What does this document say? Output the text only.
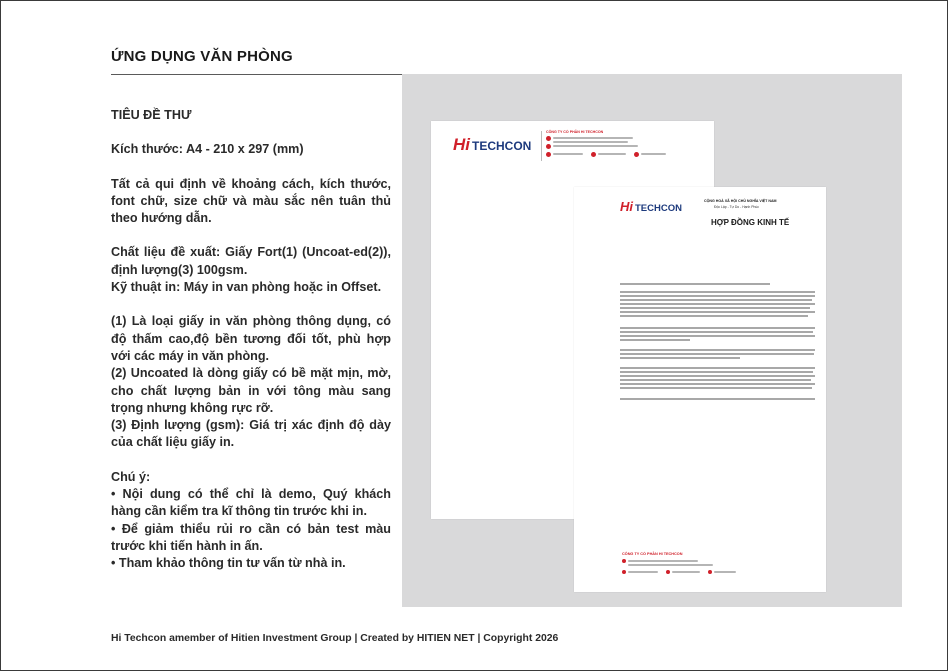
ỨNG DỤNG VĂN PHÒNG

TIÊU ĐỀ THƯ

Kích thước: A4 - 210 x 297 (mm)

Tất cả qui định về khoảng cách, kích thước, font chữ, size chữ và màu sắc nên tuân thủ theo hướng dẫn.

Chất liệu đề xuất: Giấy Fort(1) (Uncoat-ed(2)), định lượng(3) 100gsm.

Kỹ thuật in: Máy in van phòng hoặc in Offset.

(1) Là loại giấy in văn phòng thông dụng, có độ thấm cao,độ bền tương đối tốt, phù hợp với các máy in văn phòng.

(2) Uncoated là dòng giấy có bề mặt mịn, mờ, cho chất lượng bản in với tông màu sang trọng nhưng không rực rỡ.

(3) Định lượng (gsm): Giá trị xác định độ dày của chất liệu giấy in.

Chú ý:

• Nội dung có thể chỉ là demo, Quý khách hàng cần kiểm tra kĩ thông tin trước khi in.

• Để giảm thiểu rủi ro cần có bản test màu trước khi tiến hành in ấn.

• Tham khảo thông tin tư vấn từ nhà in.

Hi TECHCON
CÔNG TY CỔ PHẦN HI TECHCON
Hi TECHCON
CỘNG HOÀ XÃ HỘI CHỦ NGHĨA VIỆT NAM
Độc Lập - Tự Do - Hạnh Phúc
HỢP ĐỒNG KINH TẾ
CÔNG TY CỔ PHẦN HI TECHCON
Hi Techcon amember of Hitien Investment Group | Created by HITIEN NET | Copyright 2026
